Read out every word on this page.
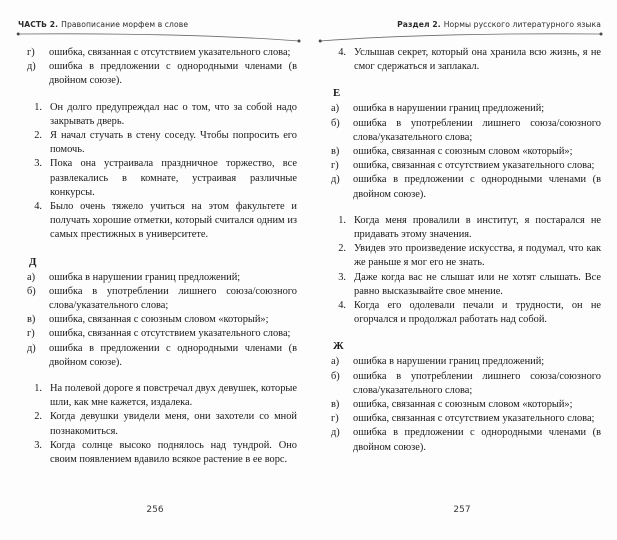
ЧАСТЬ 2. Правописание морфем в слове	Раздел 2. Нормы русского литературного языка
г)	ошибка, связанная с отсутствием указательного слова;
д)	ошибка в предложении с однородными членами (в двойном союзе).
1. Он долго предупреждал нас о том, что за собой надо закрывать дверь.
2. Я начал стучать в стену соседу. Чтобы попросить его помочь.
3. Пока она устраивала праздничное торжество, все развлекались в комнате, устраивая различные конкурсы.
4. Было очень тяжело учиться на этом факультете и получать хорошие отметки, который считался одним из самых престижных в университете.
Д
а)	ошибка в нарушении границ предложений;
б)	ошибка в употреблении лишнего союза/союзного слова/указательного слова;
в)	ошибка, связанная с союзным словом «который»;
г)	ошибка, связанная с отсутствием указательного слова;
д)	ошибка в предложении с однородными членами (в двойном союзе).
1. На полевой дороге я повстречал двух девушек, которые шли, как мне кажется, издалека.
2. Когда девушки увидели меня, они захотели со мной познакомиться.
3. Когда солнце высоко поднялось над тундрой. Оно своим появлением вдавило всякое растение в ее ворс.
4. Услышав секрет, который она хранила всю жизнь, я не смог сдержаться и заплакал.
Е
а)	ошибка в нарушении границ предложений;
б)	ошибка в употреблении лишнего союза/союзного слова/указательного слова;
в)	ошибка, связанная с союзным словом «который»;
г)	ошибка, связанная с отсутствием указательного слова;
д)	ошибка в предложении с однородными членами (в двойном союзе).
1. Когда меня провалили в институт, я постарался не придавать этому значения.
2. Увидев это произведение искусства, я подумал, что как же раньше я мог его не знать.
3. Даже когда вас не слышат или не хотят слышать. Все равно высказывайте свое мнение.
4. Когда его одолевали печали и трудности, он не огорчался и продолжал работать над собой.
Ж
а)	ошибка в нарушении границ предложений;
б)	ошибка в употреблении лишнего союза/союзного слова/указательного слова;
в)	ошибка, связанная с союзным словом «который»;
г)	ошибка, связанная с отсутствием указательного слова;
д)	ошибка в предложении с однородными членами (в двойном союзе).
256	257
